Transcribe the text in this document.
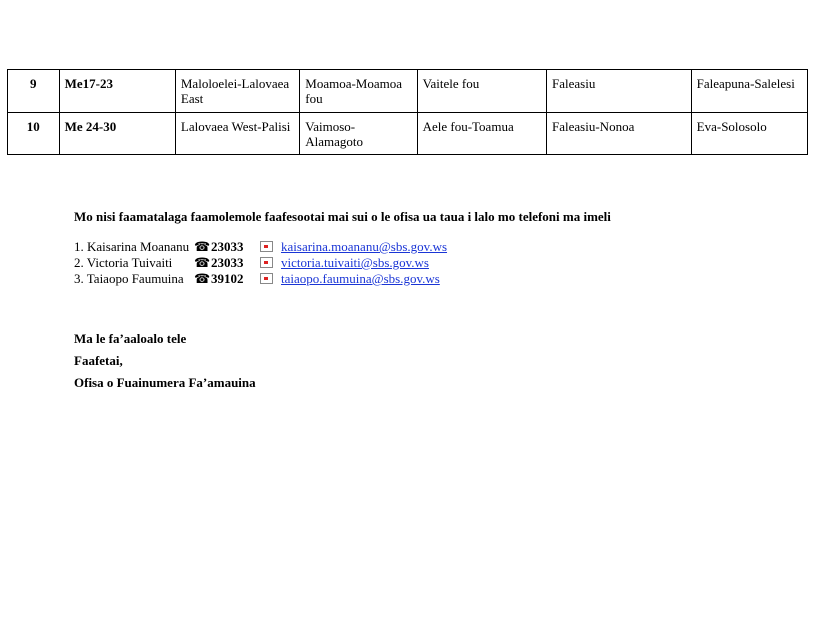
9	Me17-23	Maloloelei-Lalovaea East	Moamoa-Moamoa fou	Vaitele fou	Faleasiu	Faleapuna-Salelesi
10	Me 24-30	Lalovaea West-Palisi	Vaimoso-Alamagoto	Aele fou-Toamua	Faleasiu-Nonoa	Eva-Solosolo
Mo nisi faamatalaga faamolemole faafesootai mai sui o le ofisa ua taua i lalo mo telefoni ma imeli
1. Kaisarina Moananu ☎ 23033	kaisarina.moananu@sbs.gov.ws
2. Victoria Tuivaiti ☎ 23033	victoria.tuivaiti@sbs.gov.ws
3. Taiaopo Faumuina ☎ 39102	taiaopo.faumuina@sbs.gov.ws
Ma le fa’aaloalo tele
Faafetai,
Ofisa o Fuainumera Fa’amauina
